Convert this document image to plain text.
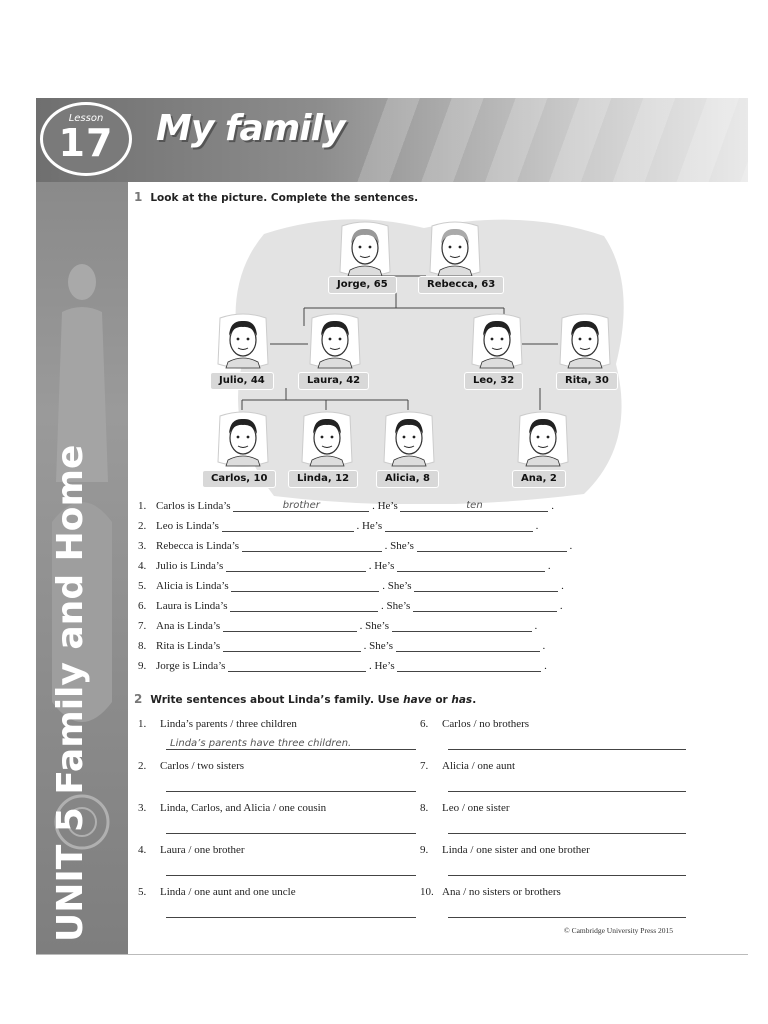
Lesson
17	My family
UNIT 5 Family and Home
30
1 Look at the picture. Complete the sentences.
Jorge, 65	Rebecca, 63
Julio, 44	Laura, 42	Leo, 32	Rita, 30
Carlos, 10	Linda, 12	Alicia, 8	Ana, 2
1. Carlos is Linda’s	brother	. He’s	ten	.
2. Leo is Linda’s	. He’s	.
3. Rebecca is Linda’s	. She’s	.
4. Julio is Linda’s	. He’s	.
5. Alicia is Linda’s	. She’s	.
6. Laura is Linda’s	. She’s	.
7. Ana is Linda’s	. She’s	.
8. Rita is Linda’s	. She’s	.
9. Jorge is Linda’s	. He’s	.
2 Write sentences about Linda’s family. Use have or has.
1. Linda’s parents / three children
Linda’s parents have three children.
2. Carlos / two sisters
3. Linda, Carlos, and Alicia / one cousin
4. Laura / one brother
5. Linda / one aunt and one uncle
6. Carlos / no brothers
7. Alicia / one aunt
8. Leo / one sister
9. Linda / one sister and one brother
10. Ana / no sisters or brothers
© Cambridge University Press 2015
